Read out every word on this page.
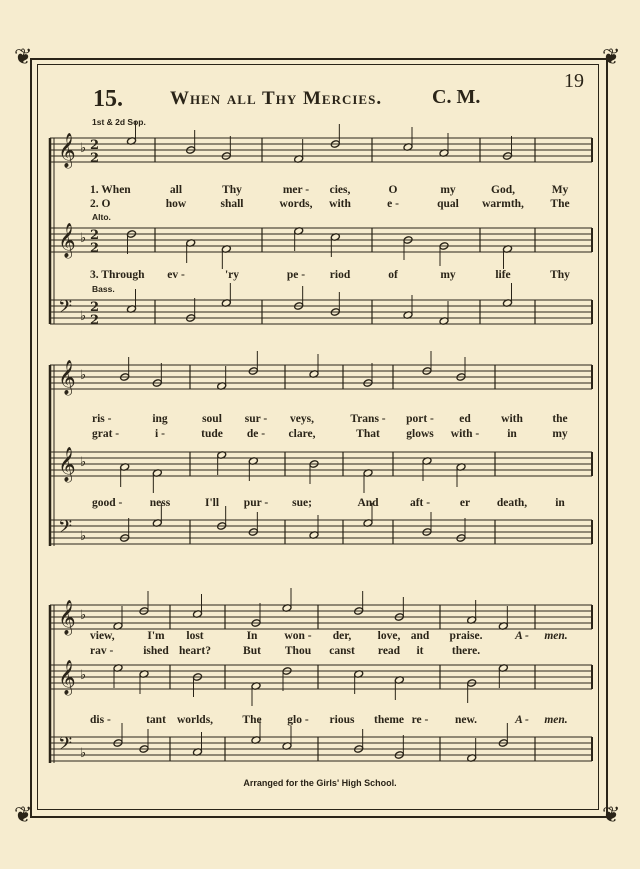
❦	❦
❦	❦
19
15. When all Thy Mercies. C. M.
1st & 2d Sop.
Alto.
Bass.
𝄞 ♭ 2
2
𝄞 ♭ 2
2
𝄢 ♭
2
2
𝄞 ♭
𝄞 ♭
𝄢 ♭
𝄞 ♭
𝄞 ♭
𝄢 ♭
1. When	all	Thy	mer - cies,	O	my	God,	My
2. O	how	shall	words, with	e -	qual warmth, The
3. Through ev -	'ry	pe - riod	of	my	life	Thy
ris -	ing	soul sur - veys,	Trans - port - ed	with	the
grat -	i -	tude de - clare,	That glows with - in	my
good - ness	I'll pur - sue;	And	aft -	er death, in
view,	I'm lost	In won - der, love, and praise.	A - men.
rav -	ished heart?	But Thou canst read it there.
dis -	tant worlds,	The glo - rious theme re - new.	A - men.
Arranged for the Girls' High School.
